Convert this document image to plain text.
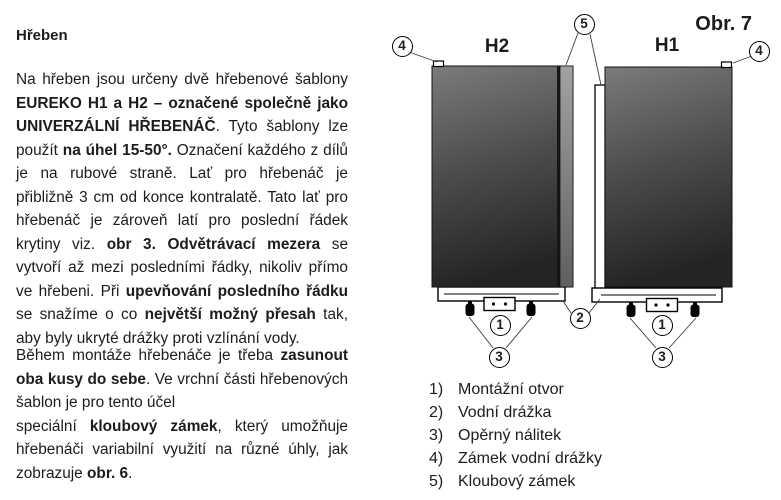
Hřeben

Na hřeben jsou určeny dvě hřebenové šablony EUREKO H1 a H2 – označené společně jako UNIVERZÁLNÍ HŘEBENÁČ. Tyto šablony lze použít na úhel 15-50°. Označení každého z dílů je na rubové straně. Lať pro hřebenáč je přibližně 3 cm od konce kontralatě. Tato lať pro hřebenáč je zároveň latí pro poslední řádek krytiny viz. obr 3. Odvětrávací mezera se vytvoří až mezi posledními řádky, nikoliv přímo ve hřebeni. Při upevňování posledního řádku se snažíme o co největší možný přesah tak, aby byly ukryté drážky proti vzlínání vody.

Během montáže hřebenáče je třeba zasunout oba kusy do sebe. Ve vrchní části hřebenových šablon je pro tento účel
speciální kloubový zámek, který umožňuje hřebenáči variabilní využití na různé úhly, jak zobrazuje obr. 6.

Obr. 7
H2	H1
4
5
4
1	2
3
1
3
1) Montážní otvor
2) Vodní drážka
3) Opěrný nálitek
4) Zámek vodní drážky
5) Kloubový zámek
